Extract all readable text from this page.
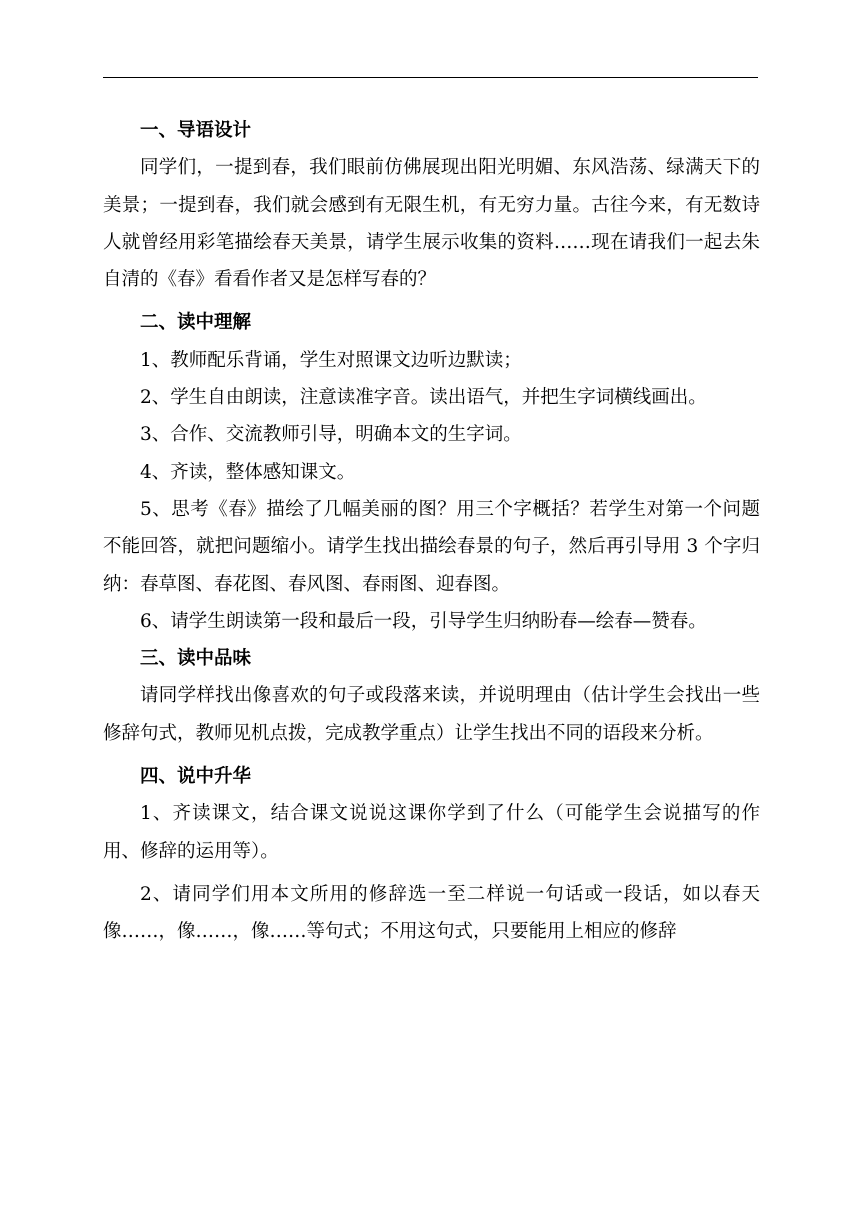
一、导语设计

同学们，一提到春，我们眼前仿佛展现出阳光明媚、东风浩荡、绿满天下的美景；一提到春，我们就会感到有无限生机，有无穷力量。古往今来，有无数诗人就曾经用彩笔描绘春天美景，请学生展示收集的资料……现在请我们一起去朱自清的《春》看看作者又是怎样写春的？

二、读中理解

1、教师配乐背诵，学生对照课文边听边默读；

2、学生自由朗读，注意读准字音。读出语气，并把生字词横线画出。

3、合作、交流教师引导，明确本文的生字词。

4、齐读，整体感知课文。

5、思考《春》描绘了几幅美丽的图？用三个字概括？若学生对第一个问题不能回答，就把问题缩小。请学生找出描绘春景的句子，然后再引导用 3 个字归纳：春草图、春花图、春风图、春雨图、迎春图。

6、请学生朗读第一段和最后一段，引导学生归纳盼春—绘春—赞春。

三、读中品味

请同学样找出像喜欢的句子或段落来读，并说明理由（估计学生会找出一些修辞句式，教师见机点拨，完成教学重点）让学生找出不同的语段来分析。

四、说中升华

1、齐读课文，结合课文说说这课你学到了什么（可能学生会说描写的作用、修辞的运用等）。

2、请同学们用本文所用的修辞选一至二样说一句话或一段话，如以春天像……，像……，像……等句式；不用这句式，只要能用上相应的修辞
